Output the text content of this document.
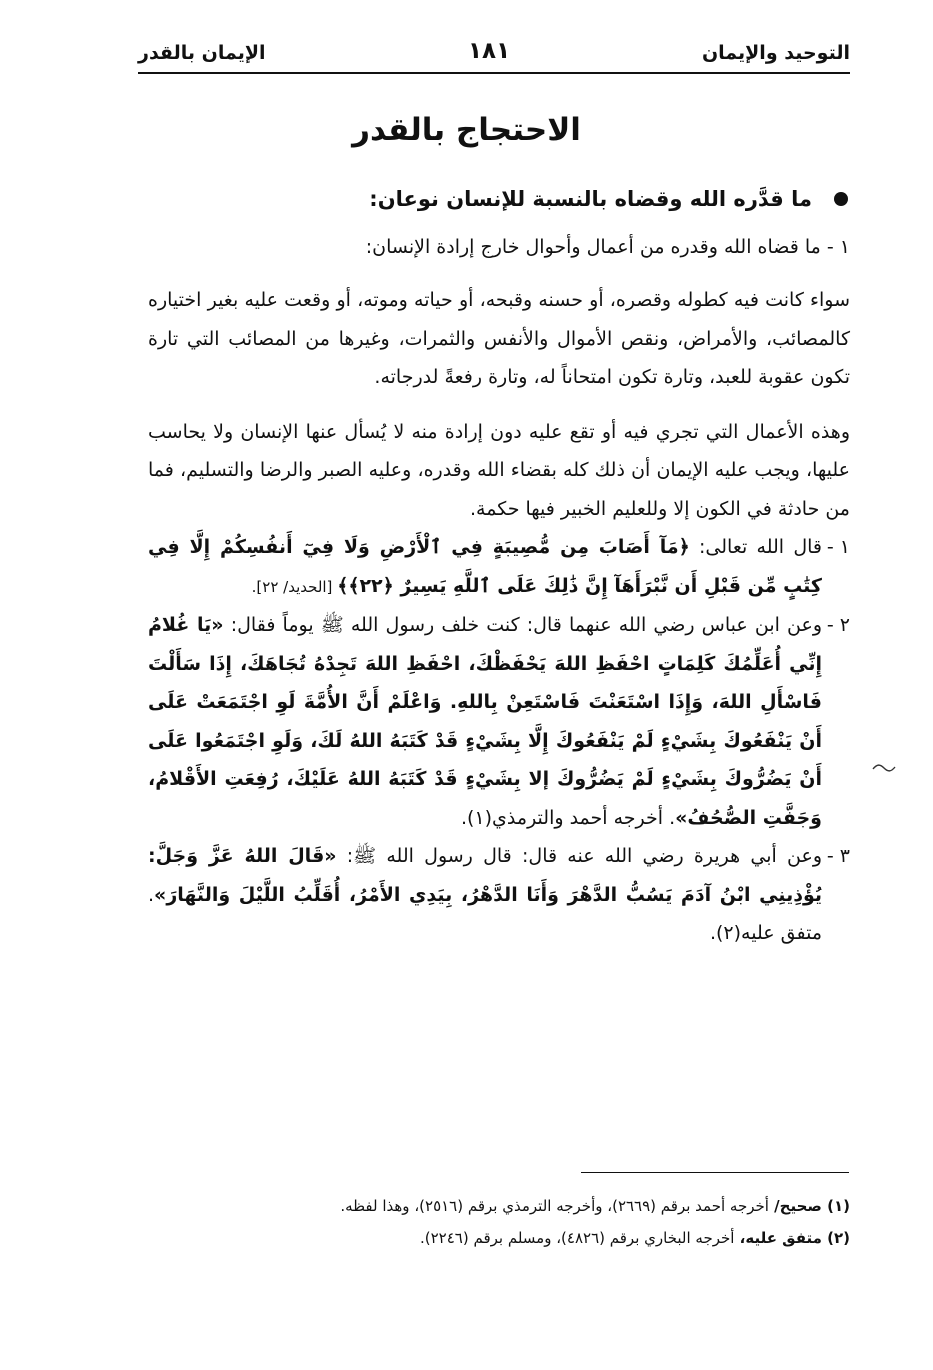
التوحيد والإيمان
١٨١
الإيمان بالقدر
الاحتجاج بالقدر

ما قدَّره الله وقضاه بالنسبة للإنسان نوعان:

١ - ما قضاه الله وقدره من أعمال وأحوال خارج إرادة الإنسان:

سواء كانت فيه كطوله وقصره، أو حسنه وقبحه، أو حياته وموته، أو وقعت عليه بغير اختياره كالمصائب، والأمراض، ونقص الأموال والأنفس والثمرات، وغيرها من المصائب التي تارة تكون عقوبة للعبد، وتارة تكون امتحاناً له، وتارة رفعةً لدرجاته.

وهذه الأعمال التي تجري فيه أو تقع عليه دون إرادة منه لا يُسأل عنها الإنسان ولا يحاسب عليها، ويجب عليه الإيمان أن ذلك كله بقضاء الله وقدره، وعليه الصبر والرضا والتسليم، فما من حادثة في الكون إلا وللعليم الخبير فيها حكمة.

١ -
قال الله تعالى: ﴿مَآ أَصَابَ مِن مُّصِيبَةٍ فِي ٱلْأَرْضِ وَلَا فِيٓ أَنفُسِكُمْ إِلَّا فِي كِتَٰبٍ مِّن قَبْلِ أَن نَّبْرَأَهَآ إِنَّ ذَٰلِكَ عَلَى ٱللَّهِ يَسِيرٌ ﴿٢٢﴾﴾ [الحديد/ ٢٢].

٢ -
وعن ابن عباس رضي الله عنهما قال: كنت خلف رسول الله ﷺ يوماً فقال: «يَا غُلامُ إِنِّي أُعَلِّمُكَ كَلِمَاتٍ احْفَظِ اللهَ يَحْفَظْكَ، احْفَظِ اللهَ تَجِدْهُ تُجَاهَكَ، إِذَا سَأَلْتَ فَاسْأَلِ اللهَ، وَإِذَا اسْتَعَنْتَ فَاسْتَعِنْ بِاللهِ. وَاعْلَمْ أَنَّ الأُمَّةَ لَوِ اجْتَمَعَتْ عَلَى أَنْ يَنْفَعُوكَ بِشَيْءٍ لَمْ يَنْفَعُوكَ إِلَّا بِشَيْءٍ قَدْ كَتَبَهُ اللهُ لَكَ، وَلَوِ اجْتَمَعُوا عَلَى أَنْ يَضُرُّوكَ بِشَيْءٍ لَمْ يَضُرُّوكَ إلا بِشَيْءٍ قَدْ كَتَبَهُ اللهُ عَلَيْكَ، رُفِعَتِ الأَقْلامُ، وَجَفَّتِ الصُّحُفُ». أخرجه أحمد والترمذي(١).

٣ -
وعن أبي هريرة رضي الله عنه قال: قال رسول الله ﷺ: «قَالَ اللهُ عَزَّ وَجَلَّ: يُؤْذِينِي ابْنُ آدَمَ يَسُبُّ الدَّهْرَ وَأَنَا الدَّهْرُ، بِيَدِي الأَمْرُ، أُقَلِّبُ اللَّيْلَ وَالنَّهَارَ». متفق عليه(٢).

(١) صحيح/ أخرجه أحمد برقم (٢٦٦٩)، وأخرجه الترمذي برقم (٢٥١٦)، وهذا لفظه.

(٢) متفق عليه، أخرجه البخاري برقم (٤٨٢٦)، ومسلم برقم (٢٢٤٦).
